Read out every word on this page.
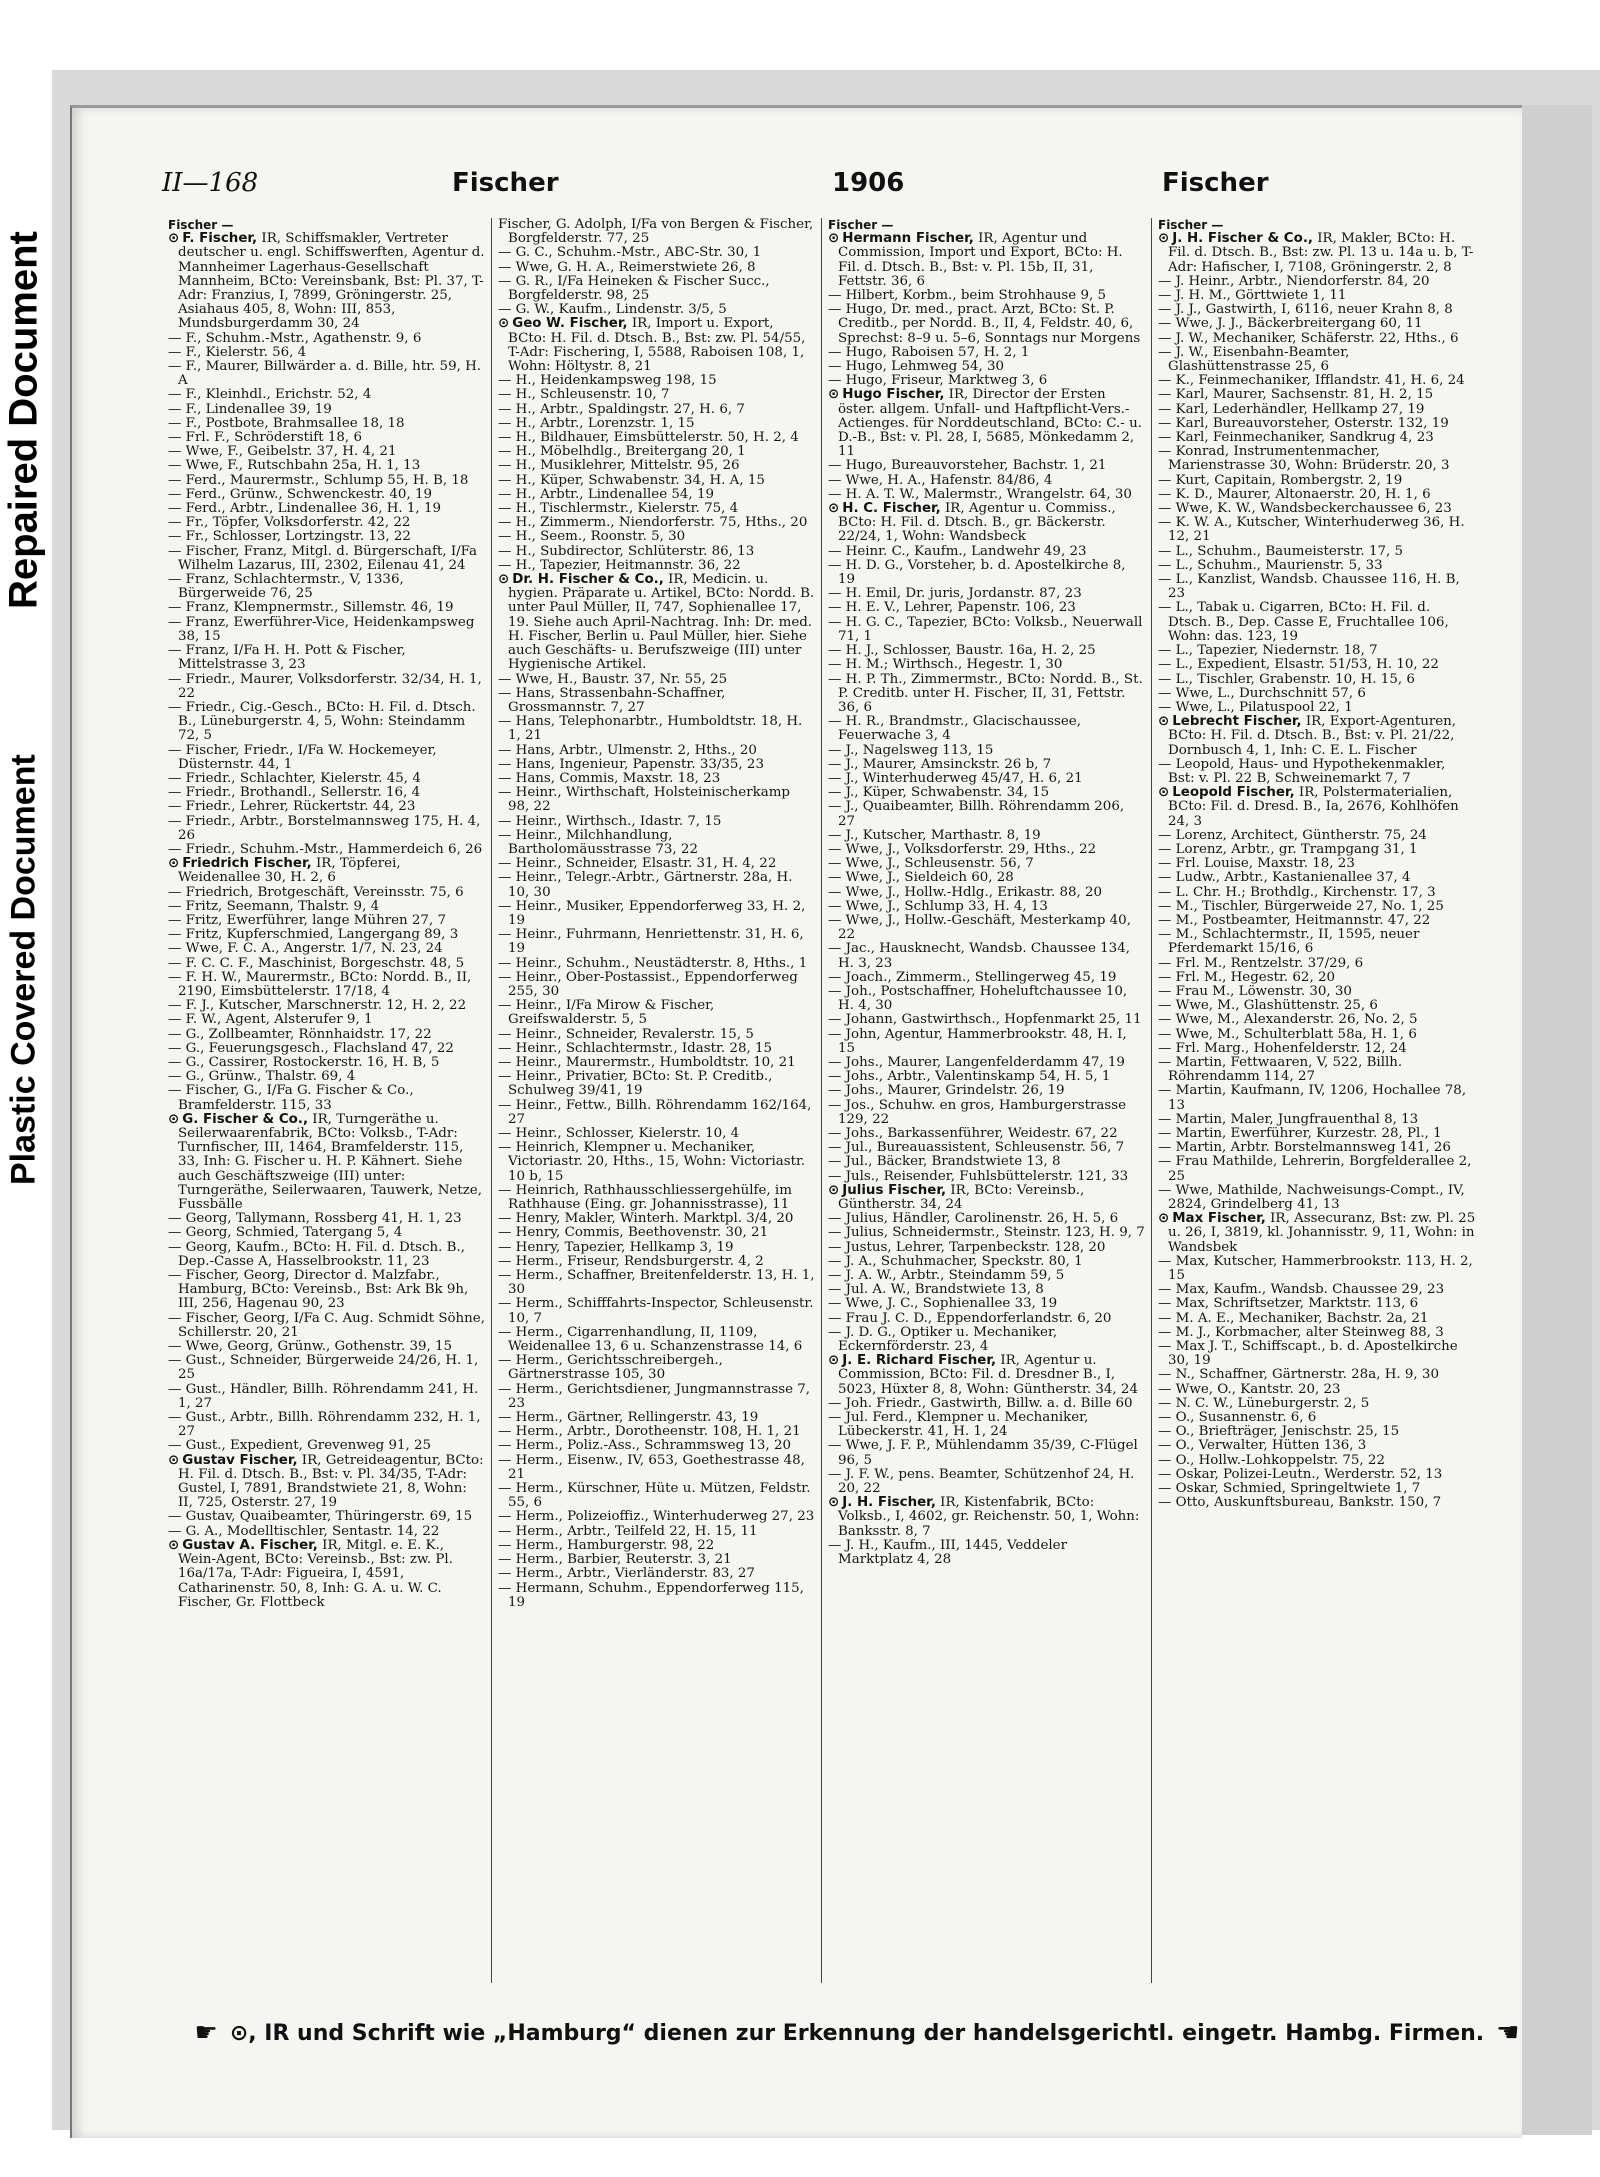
Repaired Document
Plastic Covered Document
II—168	Fischer	1906	Fischer
Fischer —

⊙ F. Fischer, IR, Schiffsmakler, Vertreter deutscher u. engl. Schiffswerften, Agentur d. Mannheimer Lagerhaus-Gesellschaft Mannheim, BCto: Vereinsbank, Bst: Pl. 37, T-Adr: Franzius, I, 7899, Gröningerstr. 25, Asiahaus 405, 8, Wohn: III, 853, Mundsburgerdamm 30, 24

— F., Schuhm.-Mstr., Agathenstr. 9, 6

— F., Kielerstr. 56, 4

— F., Maurer, Billwärder a. d. Bille, htr. 59, H. A

— F., Kleinhdl., Erichstr. 52, 4

— F., Lindenallee 39, 19

— F., Postbote, Brahmsallee 18, 18

— Frl. F., Schröderstift 18, 6

— Wwe, F., Geibelstr. 37, H. 4, 21

— Wwe, F., Rutschbahn 25a, H. 1, 13

— Ferd., Maurermstr., Schlump 55, H. B, 18

— Ferd., Grünw., Schwenckestr. 40, 19

— Ferd., Arbtr., Lindenallee 36, H. 1, 19

— Fr., Töpfer, Volksdorferstr. 42, 22

— Fr., Schlosser, Lortzingstr. 13, 22

— Fischer, Franz, Mitgl. d. Bürgerschaft, I/Fa Wilhelm Lazarus, III, 2302, Eilenau 41, 24

— Franz, Schlachtermstr., V, 1336, Bürgerweide 76, 25

— Franz, Klempnermstr., Sillemstr. 46, 19

— Franz, Ewerführer-Vice, Heidenkampsweg 38, 15

— Franz, I/Fa H. H. Pott & Fischer, Mittelstrasse 3, 23

— Friedr., Maurer, Volksdorferstr. 32/34, H. 1, 22

— Friedr., Cig.-Gesch., BCto: H. Fil. d. Dtsch. B., Lüneburgerstr. 4, 5, Wohn: Steindamm 72, 5

— Fischer, Friedr., I/Fa W. Hockemeyer, Düsternstr. 44, 1

— Friedr., Schlachter, Kielerstr. 45, 4

— Friedr., Brothandl., Sellerstr. 16, 4

— Friedr., Lehrer, Rückertstr. 44, 23

— Friedr., Arbtr., Borstelmannsweg 175, H. 4, 26

— Friedr., Schuhm.-Mstr., Hammerdeich 6, 26

⊙ Friedrich Fischer, IR, Töpferei, Weidenallee 30, H. 2, 6

— Friedrich, Brotgeschäft, Vereinsstr. 75, 6

— Fritz, Seemann, Thalstr. 9, 4

— Fritz, Ewerführer, lange Mühren 27, 7

— Fritz, Kupferschmied, Langergang 89, 3

— Wwe, F. C. A., Angerstr. 1/7, N. 23, 24

— F. C. C. F., Maschinist, Borgeschstr. 48, 5

— F. H. W., Maurermstr., BCto: Nordd. B., II, 2190, Eimsbüttelerstr. 17/18, 4

— F. J., Kutscher, Marschnerstr. 12, H. 2, 22

— F. W., Agent, Alsterufer 9, 1

— G., Zollbeamter, Rönnhaidstr. 17, 22

— G., Feuerungsgesch., Flachsland 47, 22

— G., Cassirer, Rostockerstr. 16, H. B, 5

— G., Grünw., Thalstr. 69, 4

— Fischer, G., I/Fa G. Fischer & Co., Bramfelderstr. 115, 33

⊙ G. Fischer & Co., IR, Turngeräthe u. Seilerwaarenfabrik, BCto: Volksb., T-Adr: Turnfischer, III, 1464, Bramfelderstr. 115, 33, Inh: G. Fischer u. H. P. Kähnert. Siehe auch Geschäftszweige (III) unter: Turngeräthe, Seilerwaaren, Tauwerk, Netze, Fussbälle

— Georg, Tallymann, Rossberg 41, H. 1, 23

— Georg, Schmied, Tatergang 5, 4

— Georg, Kaufm., BCto: H. Fil. d. Dtsch. B., Dep.-Casse A, Hasselbrookstr. 11, 23

— Fischer, Georg, Director d. Malzfabr., Hamburg, BCto: Vereinsb., Bst: Ark Bk 9h, III, 256, Hagenau 90, 23

— Fischer, Georg, I/Fa C. Aug. Schmidt Söhne, Schillerstr. 20, 21

— Wwe, Georg, Grünw., Gothenstr. 39, 15

— Gust., Schneider, Bürgerweide 24/26, H. 1, 25

— Gust., Händler, Billh. Röhrendamm 241, H. 1, 27

— Gust., Arbtr., Billh. Röhrendamm 232, H. 1, 27

— Gust., Expedient, Grevenweg 91, 25

⊙ Gustav Fischer, IR, Getreideagentur, BCto: H. Fil. d. Dtsch. B., Bst: v. Pl. 34/35, T-Adr: Gustel, I, 7891, Brandstwiete 21, 8, Wohn: II, 725, Osterstr. 27, 19

— Gustav, Quaibeamter, Thüringerstr. 69, 15

— G. A., Modelltischler, Sentastr. 14, 22

⊙ Gustav A. Fischer, IR, Mitgl. e. E. K., Wein-Agent, BCto: Vereinsb., Bst: zw. Pl. 16a/17a, T-Adr: Figueira, I, 4591, Catharinenstr. 50, 8, Inh: G. A. u. W. C. Fischer, Gr. Flottbeck

Fischer, G. Adolph, I/Fa von Bergen & Fischer, Borgfelderstr. 77, 25

— G. C., Schuhm.-Mstr., ABC-Str. 30, 1

— Wwe, G. H. A., Reimerstwiete 26, 8

— G. R., I/Fa Heineken & Fischer Succ., Borgfelderstr. 98, 25

— G. W., Kaufm., Lindenstr. 3/5, 5

⊙ Geo W. Fischer, IR, Import u. Export, BCto: H. Fil. d. Dtsch. B., Bst: zw. Pl. 54/55, T-Adr: Fischering, I, 5588, Raboisen 108, 1, Wohn: Höltystr. 8, 21

— H., Heidenkampsweg 198, 15

— H., Schleusenstr. 10, 7

— H., Arbtr., Spaldingstr. 27, H. 6, 7

— H., Arbtr., Lorenzstr. 1, 15

— H., Bildhauer, Eimsbüttelerstr. 50, H. 2, 4

— H., Möbelhdlg., Breitergang 20, 1

— H., Musiklehrer, Mittelstr. 95, 26

— H., Küper, Schwabenstr. 34, H. A, 15

— H., Arbtr., Lindenallee 54, 19

— H., Tischlermstr., Kielerstr. 75, 4

— H., Zimmerm., Niendorferstr. 75, Hths., 20

— H., Seem., Roonstr. 5, 30

— H., Subdirector, Schlüterstr. 86, 13

— H., Tapezier, Heitmannstr. 36, 22

⊙ Dr. H. Fischer & Co., IR, Medicin. u. hygien. Präparate u. Artikel, BCto: Nordd. B. unter Paul Müller, II, 747, Sophienallee 17, 19. Siehe auch April-Nachtrag. Inh: Dr. med. H. Fischer, Berlin u. Paul Müller, hier. Siehe auch Geschäfts- u. Berufszweige (III) unter Hygienische Artikel.

— Wwe, H., Baustr. 37, Nr. 55, 25

— Hans, Strassenbahn-Schaffner, Grossmannstr. 7, 27

— Hans, Telephonarbtr., Humboldtstr. 18, H. 1, 21

— Hans, Arbtr., Ulmenstr. 2, Hths., 20

— Hans, Ingenieur, Papenstr. 33/35, 23

— Hans, Commis, Maxstr. 18, 23

— Heinr., Wirthschaft, Holsteinischerkamp 98, 22

— Heinr., Wirthsch., Idastr. 7, 15

— Heinr., Milchhandlung, Bartholomäusstrasse 73, 22

— Heinr., Schneider, Elsastr. 31, H. 4, 22

— Heinr., Telegr.-Arbtr., Gärtnerstr. 28a, H. 10, 30

— Heinr., Musiker, Eppendorferweg 33, H. 2, 19

— Heinr., Fuhrmann, Henriettenstr. 31, H. 6, 19

— Heinr., Schuhm., Neustädterstr. 8, Hths., 1

— Heinr., Ober-Postassist., Eppendorferweg 255, 30

— Heinr., I/Fa Mirow & Fischer, Greifswalderstr. 5, 5

— Heinr., Schneider, Revalerstr. 15, 5

— Heinr., Schlachtermstr., Idastr. 28, 15

— Heinr., Maurermstr., Humboldtstr. 10, 21

— Heinr., Privatier, BCto: St. P. Creditb., Schulweg 39/41, 19

— Heinr., Fettw., Billh. Röhrendamm 162/164, 27

— Heinr., Schlosser, Kielerstr. 10, 4

— Heinrich, Klempner u. Mechaniker, Victoriastr. 20, Hths., 15, Wohn: Victoriastr. 10 b, 15

— Heinrich, Rathhausschliessergehülfe, im Rathhause (Eing. gr. Johannisstrasse), 11

— Henry, Makler, Winterh. Marktpl. 3/4, 20

— Henry, Commis, Beethovenstr. 30, 21

— Henry, Tapezier, Hellkamp 3, 19

— Herm., Friseur, Rendsburgerstr. 4, 2

— Herm., Schaffner, Breitenfelderstr. 13, H. 1, 30

— Herm., Schifffahrts-Inspector, Schleusenstr. 10, 7

— Herm., Cigarrenhandlung, II, 1109, Weidenallee 13, 6 u. Schanzenstrasse 14, 6

— Herm., Gerichtsschreibergeh., Gärtnerstrasse 105, 30

— Herm., Gerichtsdiener, Jungmannstrasse 7, 23

— Herm., Gärtner, Rellingerstr. 43, 19

— Herm., Arbtr., Dorotheenstr. 108, H. 1, 21

— Herm., Poliz.-Ass., Schrammsweg 13, 20

— Herm., Eisenw., IV, 653, Goethestrasse 48, 21

— Herm., Kürschner, Hüte u. Mützen, Feldstr. 55, 6

— Herm., Polizeioffiz., Winterhuderweg 27, 23

— Herm., Arbtr., Teilfeld 22, H. 15, 11

— Herm., Hamburgerstr. 98, 22

— Herm., Barbier, Reuterstr. 3, 21

— Herm., Arbtr., Vierländerstr. 83, 27

— Hermann, Schuhm., Eppendorferweg 115, 19

Fischer —

⊙ Hermann Fischer, IR, Agentur und Commission, Import und Export, BCto: H. Fil. d. Dtsch. B., Bst: v. Pl. 15b, II, 31, Fettstr. 36, 6

— Hilbert, Korbm., beim Strohhause 9, 5

— Hugo, Dr. med., pract. Arzt, BCto: St. P. Creditb., per Nordd. B., II, 4, Feldstr. 40, 6, Sprechst: 8–9 u. 5–6, Sonntags nur Morgens

— Hugo, Raboisen 57, H. 2, 1

— Hugo, Lehmweg 54, 30

— Hugo, Friseur, Marktweg 3, 6

⊙ Hugo Fischer, IR, Director der Ersten öster. allgem. Unfall- und Haftpflicht-Vers.-Actienges. für Norddeutschland, BCto: C.- u. D.-B., Bst: v. Pl. 28, I, 5685, Mönkedamm 2, 11

— Hugo, Bureauvorsteher, Bachstr. 1, 21

— Wwe, H. A., Hafenstr. 84/86, 4

— H. A. T. W., Malermstr., Wrangelstr. 64, 30

⊙ H. C. Fischer, IR, Agentur u. Commiss., BCto: H. Fil. d. Dtsch. B., gr. Bäckerstr. 22/24, 1, Wohn: Wandsbeck

— Heinr. C., Kaufm., Landwehr 49, 23

— H. D. G., Vorsteher, b. d. Apostelkirche 8, 19

— H. Emil, Dr. juris, Jordanstr. 87, 23

— H. E. V., Lehrer, Papenstr. 106, 23

— H. G. C., Tapezier, BCto: Volksb., Neuerwall 71, 1

— H. J., Schlosser, Baustr. 16a, H. 2, 25

— H. M.; Wirthsch., Hegestr. 1, 30

— H. P. Th., Zimmermstr., BCto: Nordd. B., St. P. Creditb. unter H. Fischer, II, 31, Fettstr. 36, 6

— H. R., Brandmstr., Glacischaussee, Feuerwache 3, 4

— J., Nagelsweg 113, 15

— J., Maurer, Amsinckstr. 26 b, 7

— J., Winterhuderweg 45/47, H. 6, 21

— J., Küper, Schwabenstr. 34, 15

— J., Quaibeamter, Billh. Röhrendamm 206, 27

— J., Kutscher, Marthastr. 8, 19

— Wwe, J., Volksdorferstr. 29, Hths., 22

— Wwe, J., Schleusenstr. 56, 7

— Wwe, J., Sieldeich 60, 28

— Wwe, J., Hollw.-Hdlg., Erikastr. 88, 20

— Wwe, J., Schlump 33, H. 4, 13

— Wwe, J., Hollw.-Geschäft, Mesterkamp 40, 22

— Jac., Hausknecht, Wandsb. Chaussee 134, H. 3, 23

— Joach., Zimmerm., Stellingerweg 45, 19

— Joh., Postschaffner, Hoheluftchaussee 10, H. 4, 30

— Johann, Gastwirthsch., Hopfenmarkt 25, 11

— John, Agentur, Hammerbrookstr. 48, H. I, 15

— Johs., Maurer, Langenfelderdamm 47, 19

— Johs., Arbtr., Valentinskamp 54, H. 5, 1

— Johs., Maurer, Grindelstr. 26, 19

— Jos., Schuhw. en gros, Hamburgerstrasse 129, 22

— Johs., Barkassenführer, Weidestr. 67, 22

— Jul., Bureauassistent, Schleusenstr. 56, 7

— Jul., Bäcker, Brandstwiete 13, 8

— Juls., Reisender, Fuhlsbüttelerstr. 121, 33

⊙ Julius Fischer, IR, BCto: Vereinsb., Güntherstr. 34, 24

— Julius, Händler, Carolinenstr. 26, H. 5, 6

— Julius, Schneidermstr., Steinstr. 123, H. 9, 7

— Justus, Lehrer, Tarpenbeckstr. 128, 20

— J. A., Schuhmacher, Speckstr. 80, 1

— J. A. W., Arbtr., Steindamm 59, 5

— Jul. A. W., Brandstwiete 13, 8

— Wwe, J. C., Sophienallee 33, 19

— Frau J. C. D., Eppendorferlandstr. 6, 20

— J. D. G., Optiker u. Mechaniker, Eckernförderstr. 23, 4

⊙ J. E. Richard Fischer, IR, Agentur u. Commission, BCto: Fil. d. Dresdner B., I, 5023, Hüxter 8, 8, Wohn: Güntherstr. 34, 24

— Joh. Friedr., Gastwirth, Billw. a. d. Bille 60

— Jul. Ferd., Klempner u. Mechaniker, Lübeckerstr. 41, H. 1, 24

— Wwe, J. F. P., Mühlendamm 35/39, C-Flügel 96, 5

— J. F. W., pens. Beamter, Schützenhof 24, H. 20, 22

⊙ J. H. Fischer, IR, Kistenfabrik, BCto: Volksb., I, 4602, gr. Reichenstr. 50, 1, Wohn: Banksstr. 8, 7

— J. H., Kaufm., III, 1445, Veddeler Marktplatz 4, 28

Fischer —

⊙ J. H. Fischer & Co., IR, Makler, BCto: H. Fil. d. Dtsch. B., Bst: zw. Pl. 13 u. 14a u. b, T-Adr: Hafischer, I, 7108, Gröningerstr. 2, 8

— J. Heinr., Arbtr., Niendorferstr. 84, 20

— J. H. M., Görttwiete 1, 11

— J. J., Gastwirth, I, 6116, neuer Krahn 8, 8

— Wwe, J. J., Bäckerbreitergang 60, 11

— J. W., Mechaniker, Schäferstr. 22, Hths., 6

— J. W., Eisenbahn-Beamter, Glashüttenstrasse 25, 6

— K., Feinmechaniker, Ifflandstr. 41, H. 6, 24

— Karl, Maurer, Sachsenstr. 81, H. 2, 15

— Karl, Lederhändler, Hellkamp 27, 19

— Karl, Bureauvorsteher, Osterstr. 132, 19

— Karl, Feinmechaniker, Sandkrug 4, 23

— Konrad, Instrumentenmacher, Marienstrasse 30, Wohn: Brüderstr. 20, 3

— Kurt, Capitain, Rombergstr. 2, 19

— K. D., Maurer, Altonaerstr. 20, H. 1, 6

— Wwe, K. W., Wandsbeckerchaussee 6, 23

— K. W. A., Kutscher, Winterhuderweg 36, H. 12, 21

— L., Schuhm., Baumeisterstr. 17, 5

— L., Schuhm., Maurienstr. 5, 33

— L., Kanzlist, Wandsb. Chaussee 116, H. B, 23

— L., Tabak u. Cigarren, BCto: H. Fil. d. Dtsch. B., Dep. Casse E, Fruchtallee 106, Wohn: das. 123, 19

— L., Tapezier, Niedernstr. 18, 7

— L., Expedient, Elsastr. 51/53, H. 10, 22

— L., Tischler, Grabenstr. 10, H. 15, 6

— Wwe, L., Durchschnitt 57, 6

— Wwe, L., Pilatuspool 22, 1

⊙ Lebrecht Fischer, IR, Export-Agenturen, BCto: H. Fil. d. Dtsch. B., Bst: v. Pl. 21/22, Dornbusch 4, 1, Inh: C. E. L. Fischer

— Leopold, Haus- und Hypothekenmakler, Bst: v. Pl. 22 B, Schweinemarkt 7, 7

⊙ Leopold Fischer, IR, Polstermaterialien, BCto: Fil. d. Dresd. B., Ia, 2676, Kohlhöfen 24, 3

— Lorenz, Architect, Güntherstr. 75, 24

— Lorenz, Arbtr., gr. Trampgang 31, 1

— Frl. Louise, Maxstr. 18, 23

— Ludw., Arbtr., Kastanienallee 37, 4

— L. Chr. H.; Brothdlg., Kirchenstr. 17, 3

— M., Tischler, Bürgerweide 27, No. 1, 25

— M., Postbeamter, Heitmannstr. 47, 22

— M., Schlachtermstr., II, 1595, neuer Pferdemarkt 15/16, 6

— Frl. M., Rentzelstr. 37/29, 6

— Frl. M., Hegestr. 62, 20

— Frau M., Löwenstr. 30, 30

— Wwe, M., Glashüttenstr. 25, 6

— Wwe, M., Alexanderstr. 26, No. 2, 5

— Wwe, M., Schulterblatt 58a, H. 1, 6

— Frl. Marg., Hohenfelderstr. 12, 24

— Martin, Fettwaaren, V, 522, Billh. Röhrendamm 114, 27

— Martin, Kaufmann, IV, 1206, Hochallee 78, 13

— Martin, Maler, Jungfrauenthal 8, 13

— Martin, Ewerführer, Kurzestr. 28, Pl., 1

— Martin, Arbtr. Borstelmannsweg 141, 26

— Frau Mathilde, Lehrerin, Borgfelderallee 2, 25

— Wwe, Mathilde, Nachweisungs-Compt., IV, 2824, Grindelberg 41, 13

⊙ Max Fischer, IR, Assecuranz, Bst: zw. Pl. 25 u. 26, I, 3819, kl. Johannisstr. 9, 11, Wohn: in Wandsbek

— Max, Kutscher, Hammerbrookstr. 113, H. 2, 15

— Max, Kaufm., Wandsb. Chaussee 29, 23

— Max, Schriftsetzer, Marktstr. 113, 6

— M. A. E., Mechaniker, Bachstr. 2a, 21

— M. J., Korbmacher, alter Steinweg 88, 3

— Max J. T., Schiffscapt., b. d. Apostelkirche 30, 19

— N., Schaffner, Gärtnerstr. 28a, H. 9, 30

— Wwe, O., Kantstr. 20, 23

— N. C. W., Lüneburgerstr. 2, 5

— O., Susannenstr. 6, 6

— O., Briefträger, Jenischstr. 25, 15

— O., Verwalter, Hütten 136, 3

— O., Hollw.-Lohkoppelstr. 75, 22

— Oskar, Polizei-Leutn., Werderstr. 52, 13

— Oskar, Schmied, Springeltwiete 1, 7

— Otto, Auskunftsbureau, Bankstr. 150, 7

☛ ⊙, IR und Schrift wie „Hamburg“ dienen zur Erkennung der handelsgerichtl. eingetr. Hambg. Firmen. ☚
